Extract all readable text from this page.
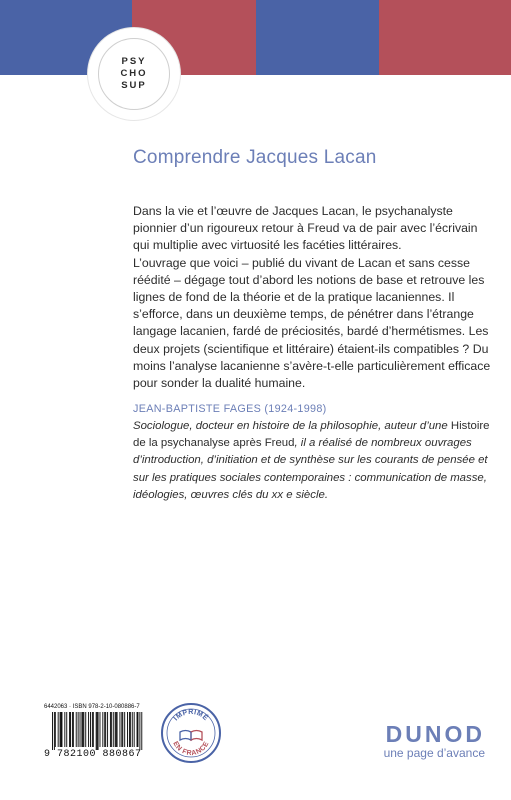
PSY
CHO
SUP
Comprendre Jacques Lacan

Dans la vie et l’œuvre de Jacques Lacan, le psychanalyste pionnier d’un rigoureux retour à Freud va de pair avec l’écrivain qui multiplie avec virtuosité les facéties littéraires.

L’ouvrage que voici – publié du vivant de Lacan et sans cesse réédité – dégage tout d’abord les notions de base et retrouve les lignes de fond de la théorie et de la pratique lacaniennes. Il s’efforce, dans un deuxième temps, de pénétrer dans l’étrange langage lacanien, fardé de préciosités, bardé d’hermétismes. Les deux projets (scientifique et littéraire) étaient-ils compatibles ? Du moins l’analyse lacanienne s’avère-t-elle particulièrement efficace pour sonder la dualité humaine.

JEAN-BAPTISTE FAGES (1924-1998)
Sociologue, docteur en histoire de la philosophie, auteur d’une Histoire de la psychanalyse après Freud, il a réalisé de nombreux ouvrages d’introduction, d’initiation et de synthèse sur les courants de pensée et sur les pratiques sociales contemporaines : communication de masse, idéologies, œuvres clés du xx e siècle.
6442063 · ISBN 978-2-10-080886-7
9 782100 880867
IMPRIMÉ
EN FRANCE	DUNOD
une page d’avance
